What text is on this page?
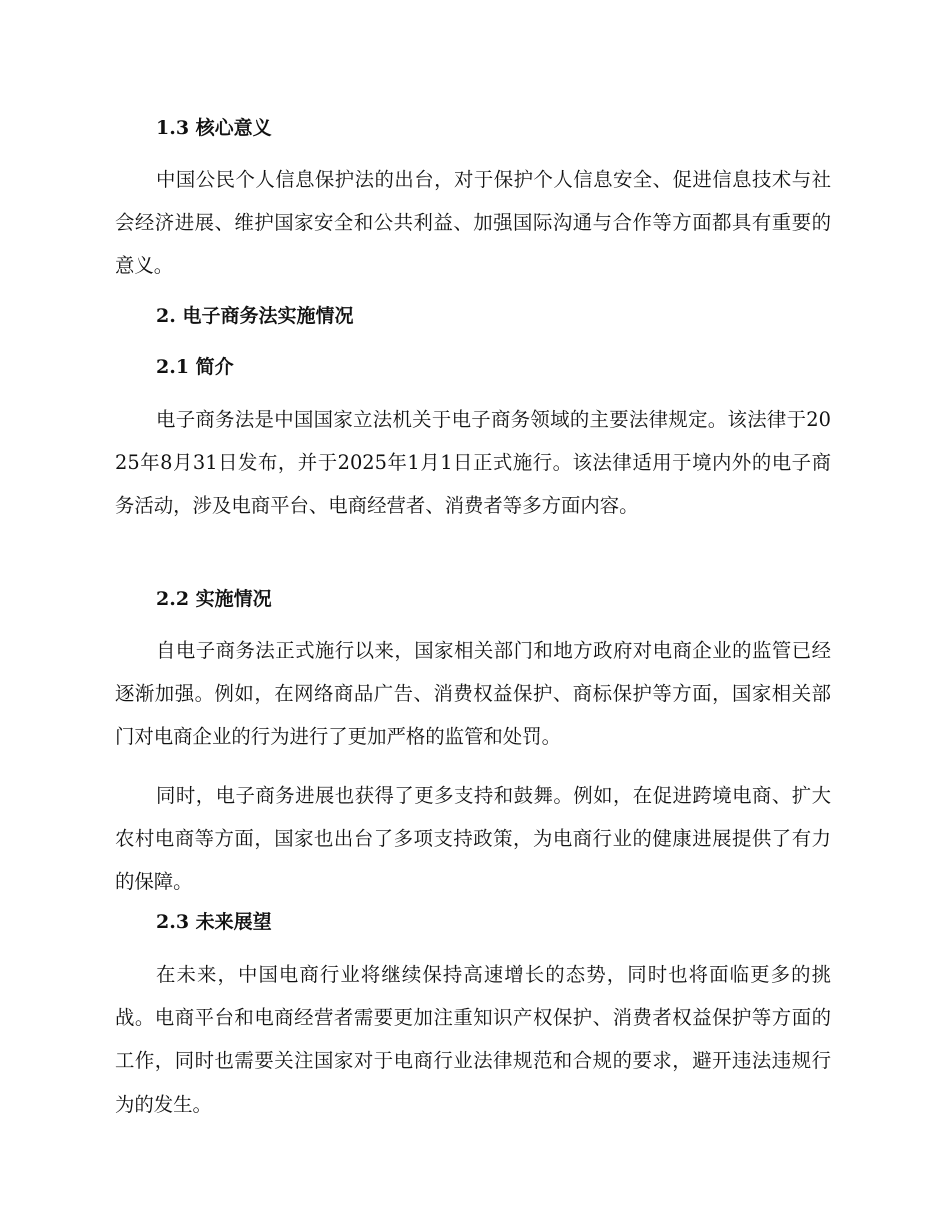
1.3 核心意义
中国公民个人信息保护法的出台，对于保护个人信息安全、促进信息技术与社会经济进展、维护国家安全和公共利益、加强国际沟通与合作等方面都具有重要的意义。
2. 电子商务法实施情况
2.1 简介
电子商务法是中国国家立法机关于电子商务领域的主要法律规定。该法律于2025年8月31日发布，并于2025年1月1日正式施行。该法律适用于境内外的电子商务活动，涉及电商平台、电商经营者、消费者等多方面内容。
2.2 实施情况
自电子商务法正式施行以来，国家相关部门和地方政府对电商企业的监管已经逐渐加强。例如，在网络商品广告、消费权益保护、商标保护等方面，国家相关部门对电商企业的行为进行了更加严格的监管和处罚。
同时，电子商务进展也获得了更多支持和鼓舞。例如，在促进跨境电商、扩大农村电商等方面，国家也出台了多项支持政策，为电商行业的健康进展提供了有力的保障。
2.3 未来展望
在未来，中国电商行业将继续保持高速增长的态势，同时也将面临更多的挑战。电商平台和电商经营者需要更加注重知识产权保护、消费者权益保护等方面的工作，同时也需要关注国家对于电商行业法律规范和合规的要求，避开违法违规行为的发生。
